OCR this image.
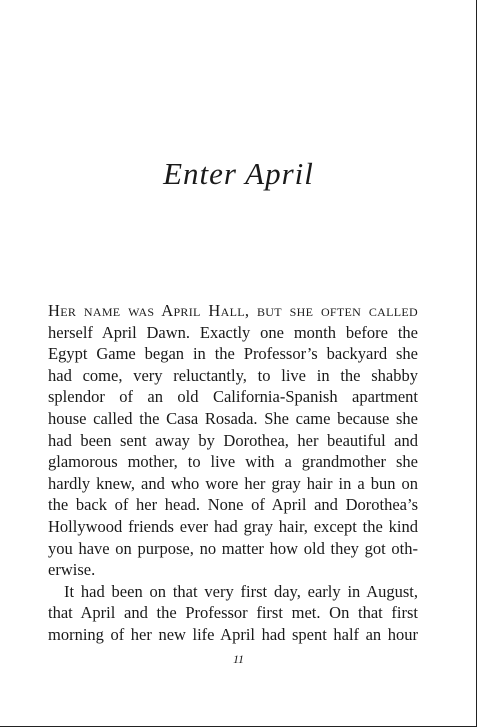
Enter April
Her name was April Hall, but she often called
herself April Dawn. Exactly one month before the
Egypt Game began in the Professor’s backyard she
had come, very reluctantly, to live in the shabby
splendor of an old California-Spanish apartment
house called the Casa Rosada. She came because she
had been sent away by Dorothea, her beautiful and
glamorous mother, to live with a grandmother she
hardly knew, and who wore her gray hair in a bun on
the back of her head. None of April and Dorothea’s
Hollywood friends ever had gray hair, except the kind
you have on purpose, no matter how old they got oth-
erwise.
It had been on that very first day, early in August,
that April and the Professor first met. On that first
morning of her new life April had spent half an hour
11
